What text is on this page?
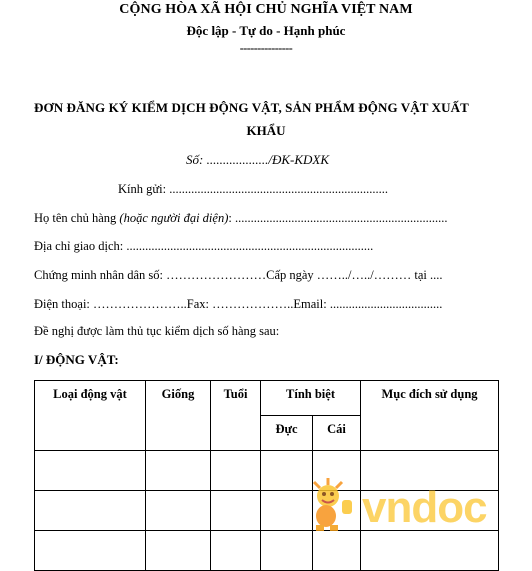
CỘNG HÒA XÃ HỘI CHỦ NGHĨA VIỆT NAM
Độc lập - Tự do - Hạnh phúc
---------------
ĐƠN ĐĂNG KÝ KIỂM DỊCH ĐỘNG VẬT, SẢN PHẨM ĐỘNG VẬT XUẤT
KHẨU
Số: .................../ĐK-KDXK
Kính gửi: ......................................................................
Họ tên chủ hàng (hoặc người đại diện): ....................................................................
Địa chỉ giao dịch: ...............................................................................
Chứng minh nhân dân số: ……………………Cấp ngày ……../…../……… tại ....
Điện thoại: …………………..Fax: ………………..Email: ....................................
Đề nghị được làm thủ tục kiểm dịch số hàng sau:
I/ ĐỘNG VẬT:
Loại động vật	Giống	Tuổi	Tính biệt		Mục đích sử dụng
			Đực	Cái	

vndoc
